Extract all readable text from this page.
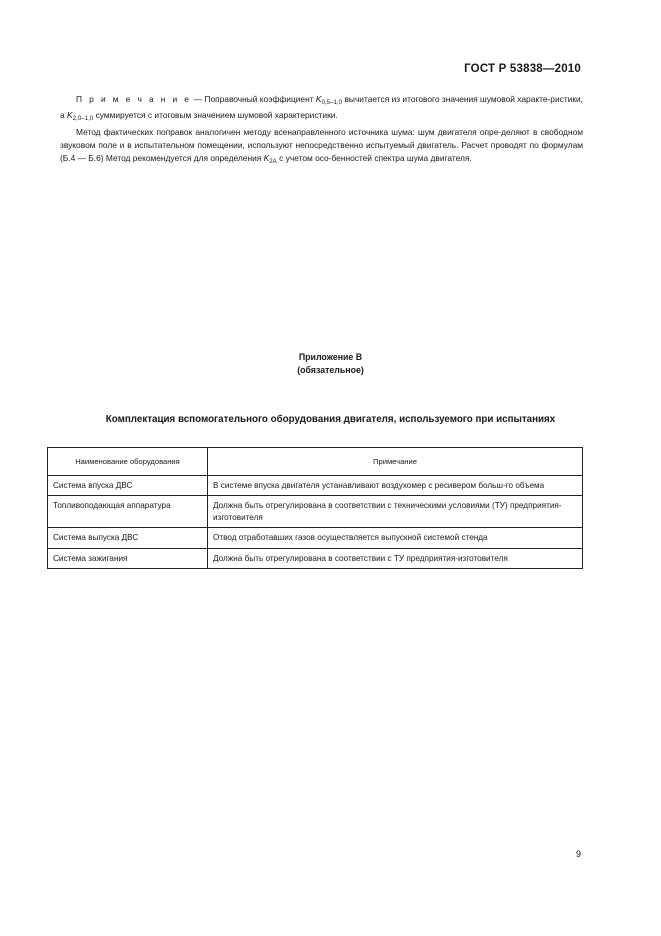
ГОСТ Р 53838—2010

П р и м е ч а н и е — Поправочный коэффициент $K_{0,5-1,0}$ вычитается из итогового значения шумовой характе-ристики, а $K_{2,0-1,0}$ суммируется с итоговым значением шумовой характеристики.

Метод фактических поправок аналогичен методу всенаправленного источника шума: шум двигателя опре-деляют в свободном звуковом поле и в испытательном помещении, используют непосредственно испытуемый двигатель. Расчет проводят по формулам (Б.4 — Б.6) Метод рекомендуется для определения $K_{2A}$ с учетом осо-бенностей спектра шума двигателя.

Приложение В
(обязательное)
Комплектация вспомогательного оборудования двигателя, используемого при испытаниях
Наименование оборудования	Примечание
Система впуска ДВС	В системе впуска двигателя устанавливают воздухомер с ресивером больш-го объема
Топливоподающая аппаратура	Должна быть отрегулирована в соответствии с техническими условиями (ТУ) предприятия-изготовителя
Система выпуска ДВС	Отвод отработавших газов осуществляется выпускной системой стенда
Система зажигания	Должна быть отрегулирована в соответствии с ТУ предприятия-изготовителя
9
